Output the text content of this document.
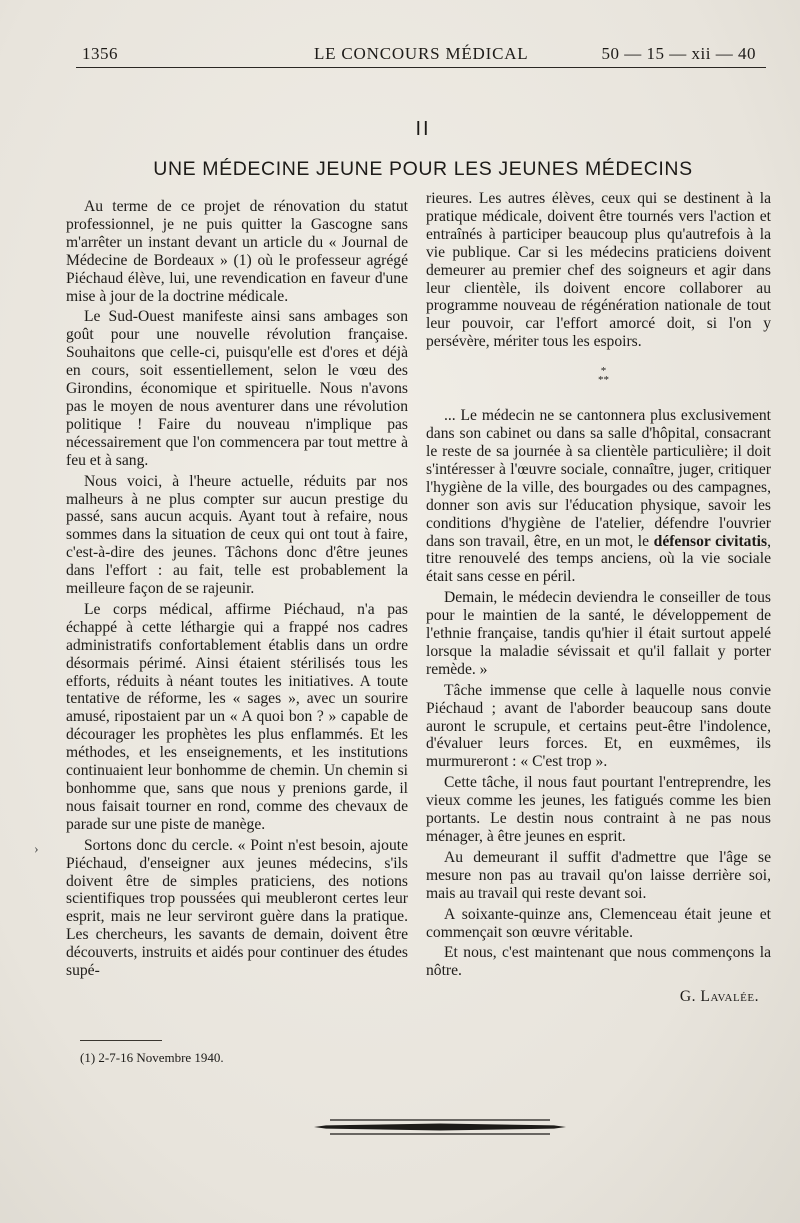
1356	LE CONCOURS MÉDICAL	50 — 15 — xii — 40
II
UNE MÉDECINE JEUNE POUR LES JEUNES MÉDECINS

Au terme de ce projet de rénovation du statut professionnel, je ne puis quitter la Gascogne sans m'arrêter un instant devant un article du « Journal de Médecine de Bordeaux » (1) où le professeur agrégé Piéchaud élève, lui, une revendication en faveur d'une mise à jour de la doctrine médicale.

Le Sud-Ouest manifeste ainsi sans ambages son goût pour une nouvelle révolution française. Souhaitons que celle-ci, puisqu'elle est d'ores et déjà en cours, soit essentiellement, selon le vœu des Girondins, économique et spirituelle. Nous n'avons pas le moyen de nous aventurer dans une révolution politique ! Faire du nouveau n'implique pas nécessairement que l'on commencera par tout mettre à feu et à sang.

Nous voici, à l'heure actuelle, réduits par nos malheurs à ne plus compter sur aucun prestige du passé, sans aucun acquis. Ayant tout à refaire, nous sommes dans la situation de ceux qui ont tout à faire, c'est-à-dire des jeunes. Tâchons donc d'être jeunes dans l'effort : au fait, telle est probablement la meilleure façon de se rajeunir.

Le corps médical, affirme Piéchaud, n'a pas échappé à cette léthargie qui a frappé nos cadres administratifs confortablement établis dans un ordre désormais périmé. Ainsi étaient stérilisés tous les efforts, réduits à néant toutes les initiatives. A toute tentative de réforme, les « sages », avec un sourire amusé, ripostaient par un « A quoi bon ? » capable de décourager les prophètes les plus enflammés. Et les méthodes, et les enseignements, et les institutions continuaient leur bonhomme de chemin. Un chemin si bonhomme que, sans que nous y prenions garde, il nous faisait tourner en rond, comme des chevaux de parade sur une piste de manège.

Sortons donc du cercle. « Point n'est besoin, ajoute Piéchaud, d'enseigner aux jeunes médecins, s'ils doivent être de simples praticiens, des notions scientifiques trop poussées qui meubleront certes leur esprit, mais ne leur serviront guère dans la pratique. Les chercheurs, les savants de demain, doivent être découverts, instruits et aidés pour continuer des études supé-

rieures. Les autres élèves, ceux qui se destinent à la pratique médicale, doivent être tournés vers l'action et entraînés à participer beaucoup plus qu'autrefois à la vie publique. Car si les médecins praticiens doivent demeurer au premier chef des soigneurs et agir dans leur clientèle, ils doivent encore collaborer au programme nouveau de régénération nationale de tout leur pouvoir, car l'effort amorcé doit, si l'on y persévère, mériter tous les espoirs.

*
**

... Le médecin ne se cantonnera plus exclusivement dans son cabinet ou dans sa salle d'hôpital, consacrant le reste de sa journée à sa clientèle particulière; il doit s'intéresser à l'œuvre sociale, connaître, juger, critiquer l'hygiène de la ville, des bourgades ou des campagnes, donner son avis sur l'éducation physique, savoir les conditions d'hygiène de l'atelier, défendre l'ouvrier dans son travail, être, en un mot, le défensor civitatis, titre renouvelé des temps anciens, où la vie sociale était sans cesse en péril.

Demain, le médecin deviendra le conseiller de tous pour le maintien de la santé, le développement de l'ethnie française, tandis qu'hier il était surtout appelé lorsque la maladie sévissait et qu'il fallait y porter remède. »

Tâche immense que celle à laquelle nous convie Piéchaud ; avant de l'aborder beaucoup sans doute auront le scrupule, et certains peut-être l'indolence, d'évaluer leurs forces. Et, en euxmêmes, ils murmureront : « C'est trop ».

Cette tâche, il nous faut pourtant l'entreprendre, les vieux comme les jeunes, les fatigués comme les bien portants. Le destin nous contraint à ne pas nous ménager, à être jeunes en esprit.

Au demeurant il suffit d'admettre que l'âge se mesure non pas au travail qu'on laisse derrière soi, mais au travail qui reste devant soi.

A soixante-quinze ans, Clemenceau était jeune et commençait son œuvre véritable.

Et nous, c'est maintenant que nous commençons la nôtre.

G. Lavalée.
(1) 2-7-16 Novembre 1940.
›
